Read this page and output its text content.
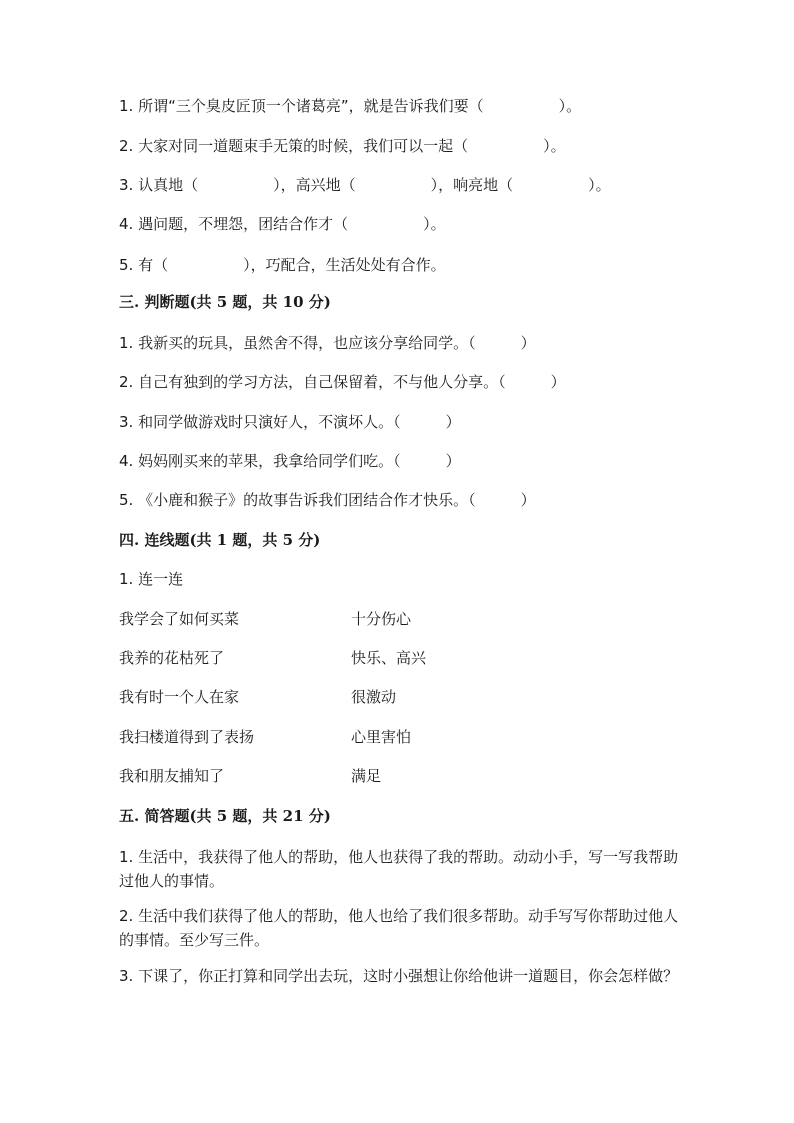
1. 所谓“三个臭皮匠顶一个诸葛亮”，就是告诉我们要（　　　　　）。
2. 大家对同一道题束手无策的时候，我们可以一起（　　　　　）。
3. 认真地（　　　　　），高兴地（　　　　　），响亮地（　　　　　）。
4. 遇问题，不埋怨，团结合作才（　　　　　）。
5. 有（　　　　　），巧配合，生活处处有合作。
三. 判断题(共 5 题，共 10 分)
1. 我新买的玩具，虽然舍不得，也应该分享给同学。（　　　）
2. 自己有独到的学习方法，自己保留着，不与他人分享。（　　　）
3. 和同学做游戏时只演好人，不演坏人。（　　　）
4. 妈妈刚买来的苹果，我拿给同学们吃。（　　　）
5. 《小鹿和猴子》的故事告诉我们团结合作才快乐。（　　　）
四. 连线题(共 1 题，共 5 分)
1. 连一连
我学会了如何买菜
我养的花枯死了
我有时一个人在家
我扫楼道得到了表扬
我和朋友捕知了
十分伤心
快乐、高兴
很激动
心里害怕
满足
五. 简答题(共 5 题，共 21 分)
1. 生活中，我获得了他人的帮助，他人也获得了我的帮助。动动小手，写一写我帮助过他人的事情。
2. 生活中我们获得了他人的帮助，他人也给了我们很多帮助。动手写写你帮助过他人的事情。至少写三件。
3. 下课了，你正打算和同学出去玩，这时小强想让你给他讲一道题目，你会怎样做？
